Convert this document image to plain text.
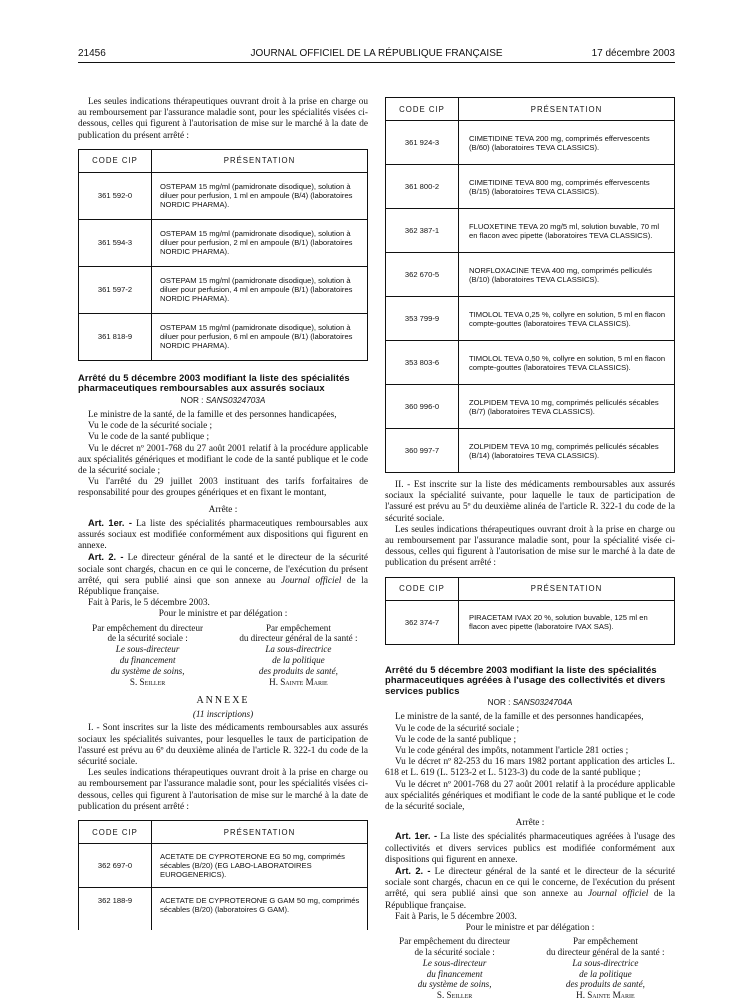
21456	JOURNAL OFFICIEL DE LA RÉPUBLIQUE FRANÇAISE	17 décembre 2003

Les seules indications thérapeutiques ouvrant droit à la prise en charge ou au remboursement par l'assurance maladie sont, pour les spécialités visées ci-dessous, celles qui figurent à l'autorisation de mise sur le marché à la date de publication du présent arrêté :

CODE CIP	PRÉSENTATION
361 592-0	OSTEPAM 15 mg/ml (pamidronate disodique), solution à diluer pour perfusion, 1 ml en ampoule (B/4) (laboratoires NORDIC PHARMA).
361 594-3	OSTEPAM 15 mg/ml (pamidronate disodique), solution à diluer pour perfusion, 2 ml en ampoule (B/1) (laboratoires NORDIC PHARMA).
361 597-2	OSTEPAM 15 mg/ml (pamidronate disodique), solution à diluer pour perfusion, 4 ml en ampoule (B/1) (laboratoires NORDIC PHARMA).
361 818-9	OSTEPAM 15 mg/ml (pamidronate disodique), solution à diluer pour perfusion, 6 ml en ampoule (B/1) (laboratoires NORDIC PHARMA).
Arrêté du 5 décembre 2003 modifiant la liste des spécialités pharmaceutiques remboursables aux assurés sociaux
NOR : SANS0324703A

Le ministre de la santé, de la famille et des personnes handicapées,

Vu le code de la sécurité sociale ;

Vu le code de la santé publique ;

Vu le décret nº 2001-768 du 27 août 2001 relatif à la procédure applicable aux spécialités génériques et modifiant le code de la santé publique et le code de la sécurité sociale ;

Vu l'arrêté du 29 juillet 2003 instituant des tarifs forfaitaires de responsabilité pour des groupes génériques et en fixant le montant,

Arrête :

Art. 1er. - La liste des spécialités pharmaceutiques remboursables aux assurés sociaux est modifiée conformément aux dispositions qui figurent en annexe.

Art. 2. - Le directeur général de la santé et le directeur de la sécurité sociale sont chargés, chacun en ce qui le concerne, de l'exécution du présent arrêté, qui sera publié ainsi que son annexe au Journal officiel de la République française.

Fait à Paris, le 5 décembre 2003.

Pour le ministre et par délégation :

Par empêchement du directeur
de la sécurité sociale :
Le sous-directeur
du financement
du système de soins,
S. Seiller
Par empêchement
du directeur général de la santé :
La sous-directrice
de la politique
des produits de santé,
H. Sainte Marie
ANNEXE
(11 inscriptions)

I. - Sont inscrites sur la liste des médicaments remboursables aux assurés sociaux les spécialités suivantes, pour lesquelles le taux de participation de l'assuré est prévu au 6º du deuxième alinéa de l'article R. 322-1 du code de la sécurité sociale.

Les seules indications thérapeutiques ouvrant droit à la prise en charge ou au remboursement par l'assurance maladie sont, pour les spécialités visées ci-dessous, celles qui figurent à l'autorisation de mise sur le marché à la date de publication du présent arrêté :

CODE CIP	PRÉSENTATION
362 697-0	ACETATE DE CYPROTERONE EG 50 mg, comprimés sécables (B/20) (EG LABO-LABORATOIRES EUROGENERICS).
362 188-9	ACETATE DE CYPROTERONE G GAM 50 mg, comprimés sécables (B/20) (laboratoires G GAM).
CODE CIP	PRÉSENTATION
361 924-3	CIMETIDINE TEVA 200 mg, comprimés effervescents (B/60) (laboratoires TEVA CLASSICS).
361 800-2	CIMETIDINE TEVA 800 mg, comprimés effervescents (B/15) (laboratoires TEVA CLASSICS).
362 387-1	FLUOXETINE TEVA 20 mg/5 ml, solution buvable, 70 ml en flacon avec pipette (laboratoires TEVA CLASSICS).
362 670-5	NORFLOXACINE TEVA 400 mg, comprimés pelliculés (B/10) (laboratoires TEVA CLASSICS).
353 799-9	TIMOLOL TEVA 0,25 %, collyre en solution, 5 ml en flacon compte-gouttes (laboratoires TEVA CLASSICS).
353 803-6	TIMOLOL TEVA 0,50 %, collyre en solution, 5 ml en flacon compte-gouttes (laboratoires TEVA CLASSICS).
360 996-0	ZOLPIDEM TEVA 10 mg, comprimés pelliculés sécables (B/7) (laboratoires TEVA CLASSICS).
360 997-7	ZOLPIDEM TEVA 10 mg, comprimés pelliculés sécables (B/14) (laboratoires TEVA CLASSICS).

II. - Est inscrite sur la liste des médicaments remboursables aux assurés sociaux la spécialité suivante, pour laquelle le taux de participation de l'assuré est prévu au 5º du deuxième alinéa de l'article R. 322-1 du code de la sécurité sociale.

Les seules indications thérapeutiques ouvrant droit à la prise en charge ou au remboursement par l'assurance maladie sont, pour la spécialité visée ci-dessous, celles qui figurent à l'autorisation de mise sur le marché à la date de publication du présent arrêté :

CODE CIP	PRÉSENTATION
362 374-7	PIRACETAM IVAX 20 %, solution buvable, 125 ml en flacon avec pipette (laboratoire IVAX SAS).
Arrêté du 5 décembre 2003 modifiant la liste des spécialités pharmaceutiques agréées à l'usage des collectivités et divers services publics
NOR : SANS0324704A

Le ministre de la santé, de la famille et des personnes handicapées,

Vu le code de la sécurité sociale ;

Vu le code de la santé publique ;

Vu le code général des impôts, notamment l'article 281 octies ;

Vu le décret nº 82-253 du 16 mars 1982 portant application des articles L. 618 et L. 619 (L. 5123-2 et L. 5123-3) du code de la santé publique ;

Vu le décret nº 2001-768 du 27 août 2001 relatif à la procédure applicable aux spécialités génériques et modifiant le code de la santé publique et le code de la sécurité sociale,

Arrête :

Art. 1er. - La liste des spécialités pharmaceutiques agréées à l'usage des collectivités et divers services publics est modifiée conformément aux dispositions qui figurent en annexe.

Art. 2. - Le directeur général de la santé et le directeur de la sécurité sociale sont chargés, chacun en ce qui le concerne, de l'exécution du présent arrêté, qui sera publié ainsi que son annexe au Journal officiel de la République française.

Fait à Paris, le 5 décembre 2003.

Pour le ministre et par délégation :

Par empêchement du directeur
de la sécurité sociale :
Le sous-directeur
du financement
du système de soins,
S. Seiller
Par empêchement
du directeur général de la santé :
La sous-directrice
de la politique
des produits de santé,
H. Sainte Marie
